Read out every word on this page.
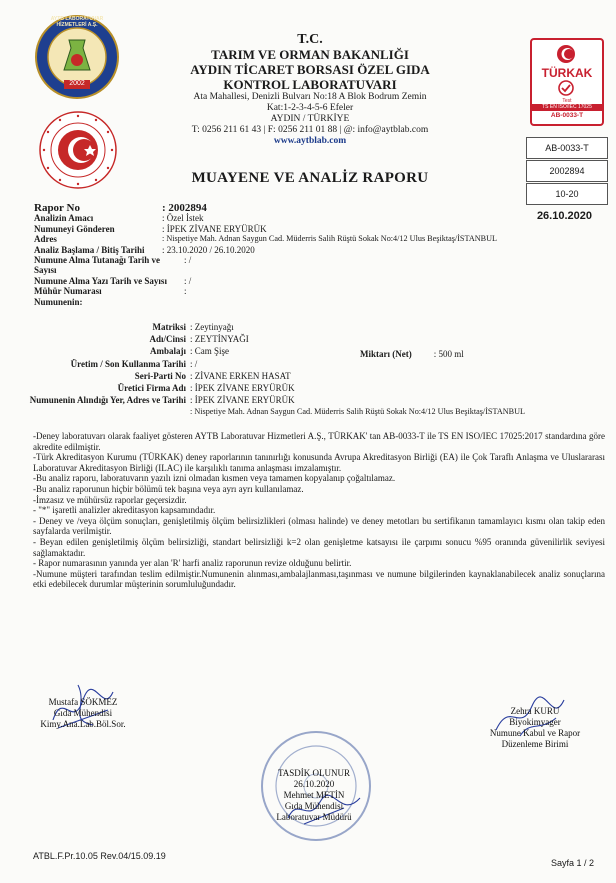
AYTB LABORATUVAR HİZMETLERİ A.Ş.
2002
T.C.
TARIM VE ORMAN BAKANLIĞI
AYDIN TİCARET BORSASI ÖZEL GIDA
KONTROL LABORATUVARI
Ata Mahallesi, Denizli Bulvarı No:18 A Blok Bodrum Zemin
Kat:1-2-3-4-5-6 Efeler
AYDIN / TÜRKİYE
T: 0256 211 61 43 | F: 0256 211 01 88 | @: info@aytblab.com
www.aytblab.com
MUAYENE VE ANALİZ RAPORU
TÜRKAK
Test
TS EN ISO/IEC 17025
AB-0033-T
AB-0033-T
2002894
10-20
26.10.2020
Rapor No	: 2002894
Analizin Amacı	: Özel İstek
Numuneyi Gönderen	: İPEK ZİVANE ERYÜRÜK
Adres	: Nispetiye Mah. Adnan Saygun Cad. Müderris Salih Rüştü Sokak No:4/12 Ulus Beşiktaş/İSTANBUL
Analiz Başlama / Bitiş Tarihi	: 23.10.2020 / 26.10.2020
Numune Alma Tutanağı Tarih ve Sayısı
: /
Numune Alma Yazı Tarih ve Sayısı	: /
Mühür Numarası	:
Numunenin:
Matriksi : Zeytinyağı
Adı/Cinsi : ZEYTİNYAĞI
Ambalajı : Cam Şişe
Üretim / Son Kullanma Tarihi : /
Seri-Parti No : ZİVANE ERKEN HASAT
Üretici Firma Adı : İPEK ZİVANE ERYÜRÜK
Numunenin Alındığı Yer, Adres ve Tarihi : İPEK ZİVANE ERYÜRÜK
: Nispetiye Mah. Adnan Saygun Cad. Müderris Salih Rüştü Sokak No:4/12 Ulus Beşiktaş/İSTANBUL
Miktarı (Net) : 500 ml

-Deney laboratuvarı olarak faaliyet gösteren AYTB Laboratuvar Hizmetleri A.Ş., TÜRKAK' tan AB-0033-T ile TS EN ISO/IEC 17025:2017 standardına göre akredite edilmiştir.

-Türk Akreditasyon Kurumu (TÜRKAK) deney raporlarının tanınırlığı konusunda Avrupa Akreditasyon Birliği (EA) ile Çok Taraflı Anlaşma ve Uluslararası Laboratuvar Akreditasyon Birliği (ILAC) ile karşılıklı tanıma anlaşması imzalamıştır.

-Bu analiz raporu, laboratuvarın yazılı izni olmadan kısmen veya tamamen kopyalanıp çoğaltılamaz.

-Bu analiz raporunun hiçbir bölümü tek başına veya ayrı ayrı kullanılamaz.

-İmzasız ve mühürsüz raporlar geçersizdir.

- "*" işaretli analizler akreditasyon kapsamındadır.

- Deney ve /veya ölçüm sonuçları, genişletilmiş ölçüm belirsizlikleri (olması halinde) ve deney metotları bu sertifikanın tamamlayıcı kısmı olan takip eden sayfalarda verilmiştir.

- Beyan edilen genişletilmiş ölçüm belirsizliği, standart belirsizliği k=2 olan genişletme katsayısı ile çarpımı sonucu %95 oranında güvenilirlik seviyesi sağlamaktadır.

- Rapor numarasının yanında yer alan 'R' harfi analiz raporunun revize olduğunu belirtir.

-Numune müşteri tarafından teslim edilmiştir.Numunenin alınması,ambalajlanması,taşınması ve numune bilgilerinden kaynaklanabilecek analiz sonuçlarına etki edebilecek durumlar müşterinin sorumluluğundadır.

Mustafa SÖKMEZ
Gıda Mühendisi
Kimy.Ana.Lab.Böl.Sor.
TASDİK OLUNUR
26.10.2020
Mehmet METİN
Gıda Mühendisi
Laboratuvar Müdürü
Zehra KURU
Biyokimyager
Numune Kabul ve Rapor
Düzenleme Birimi
ATBL.F.Pr.10.05 Rev.04/15.09.19
Sayfa 1 / 2
